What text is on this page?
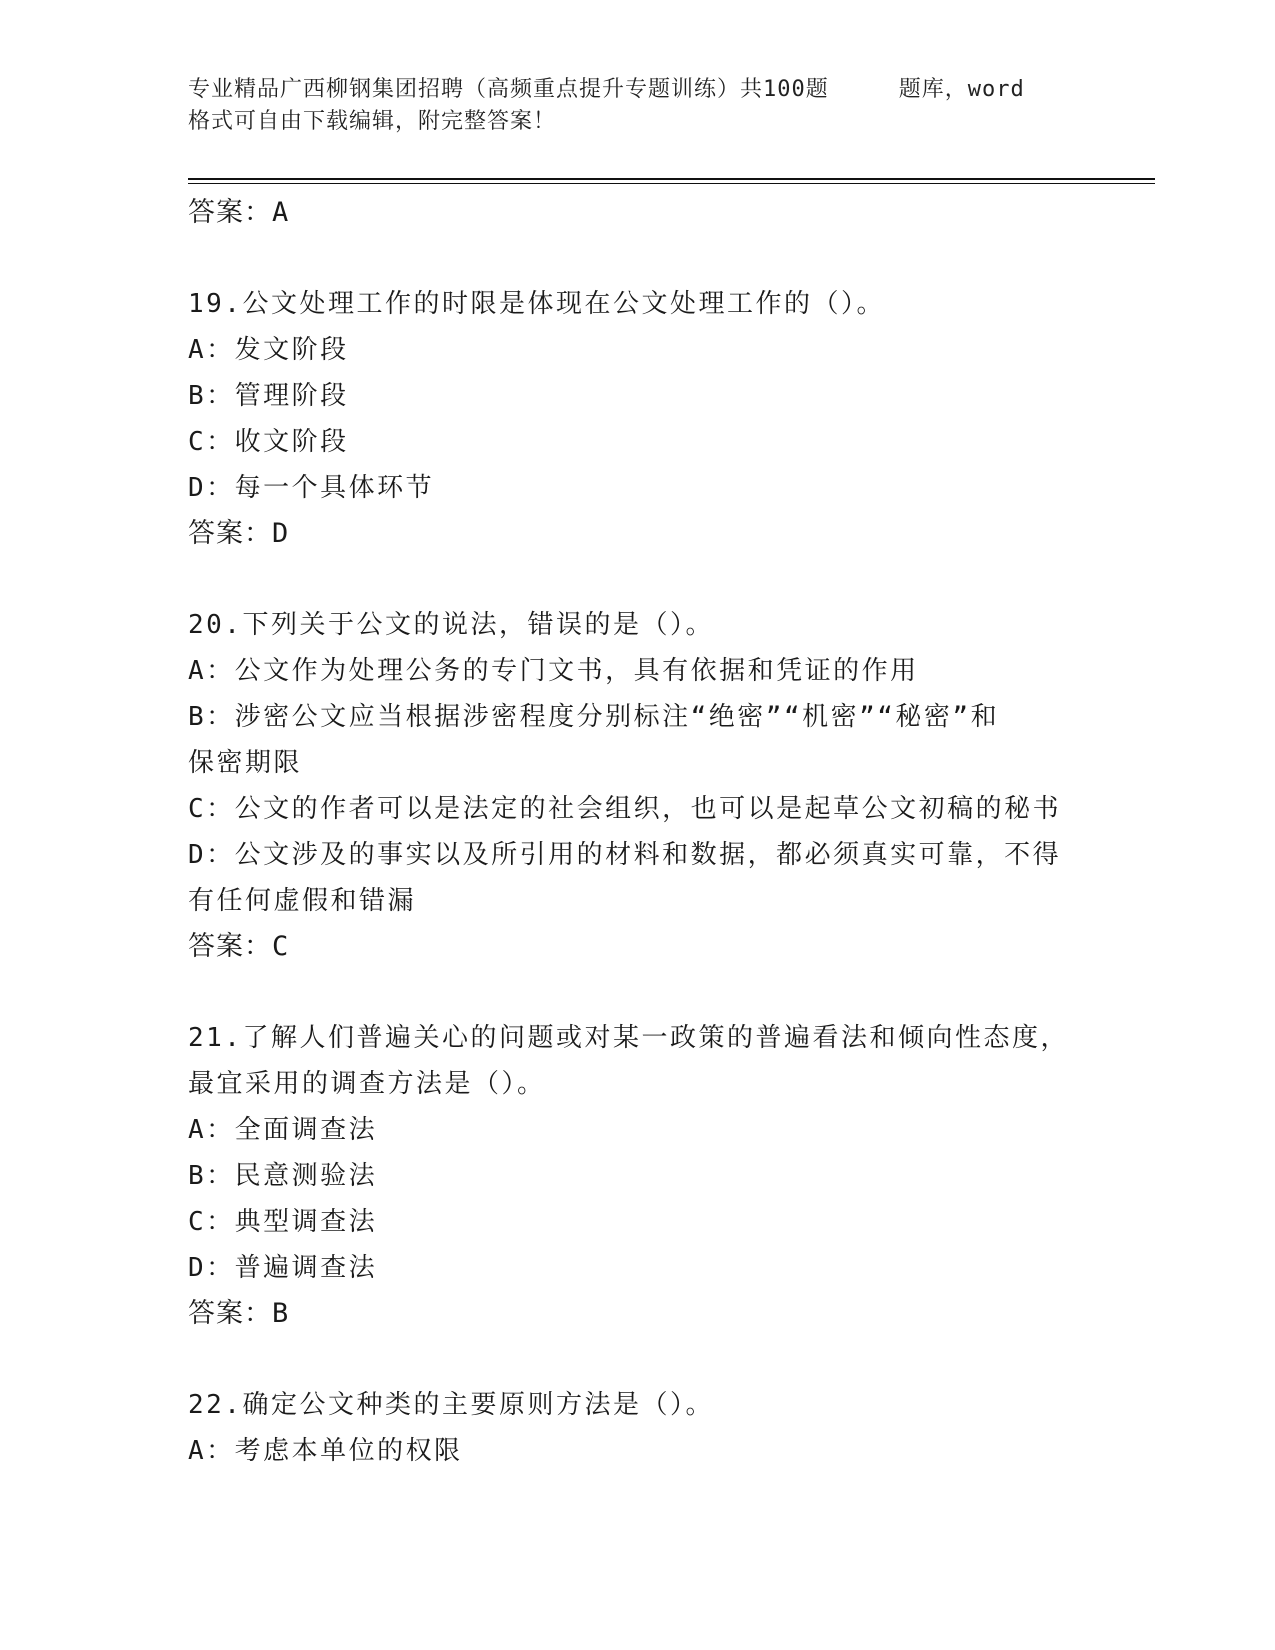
专业精品广西柳钢集团招聘（高频重点提升专题训练）共100题	题库，word
格式可自由下载编辑，附完整答案！
答案：A
19.公文处理工作的时限是体现在公文处理工作的（）。
A：发文阶段
B：管理阶段
C：收文阶段
D：每一个具体环节
答案：D
20.下列关于公文的说法，错误的是（）。
A：公文作为处理公务的专门文书，具有依据和凭证的作用
B：涉密公文应当根据涉密程度分别标注“绝密”“机密”“秘密”和
保密期限
C：公文的作者可以是法定的社会组织，也可以是起草公文初稿的秘书
D：公文涉及的事实以及所引用的材料和数据，都必须真实可靠，不得
有任何虚假和错漏
答案：C
21.了解人们普遍关心的问题或对某一政策的普遍看法和倾向性态度，
最宜采用的调查方法是（）。
A：全面调查法
B：民意测验法
C：典型调查法
D：普遍调查法
答案：B
22.确定公文种类的主要原则方法是（）。
A：考虑本单位的权限
